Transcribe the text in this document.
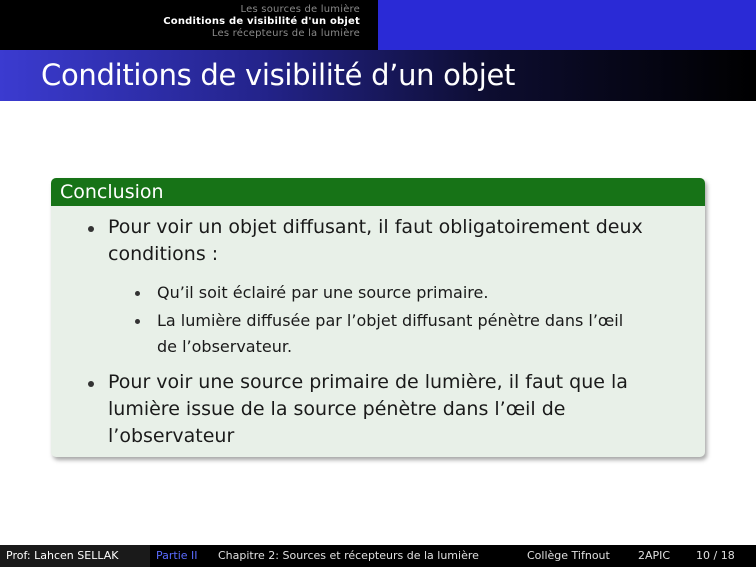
Les sources de lumière
Conditions de visibilité d'un objet
Les récepteurs de la lumière
Conditions de visibilité d’un objet
Conclusion
Pour voir un objet diffusant, il faut obligatoirement deux
conditions :
Qu’il soit éclairé par une source primaire.
La lumière diffusée par l’objet diffusant pénètre dans l’œil
de l’observateur.
Pour voir une source primaire de lumière, il faut que la
lumière issue de la source pénètre dans l’œil de
l’observateur
Prof: Lahcen SELLAK	Partie II Chapitre 2: Sources et récepteurs de la lumière	Collège Tifnout	2APIC 10 / 18
